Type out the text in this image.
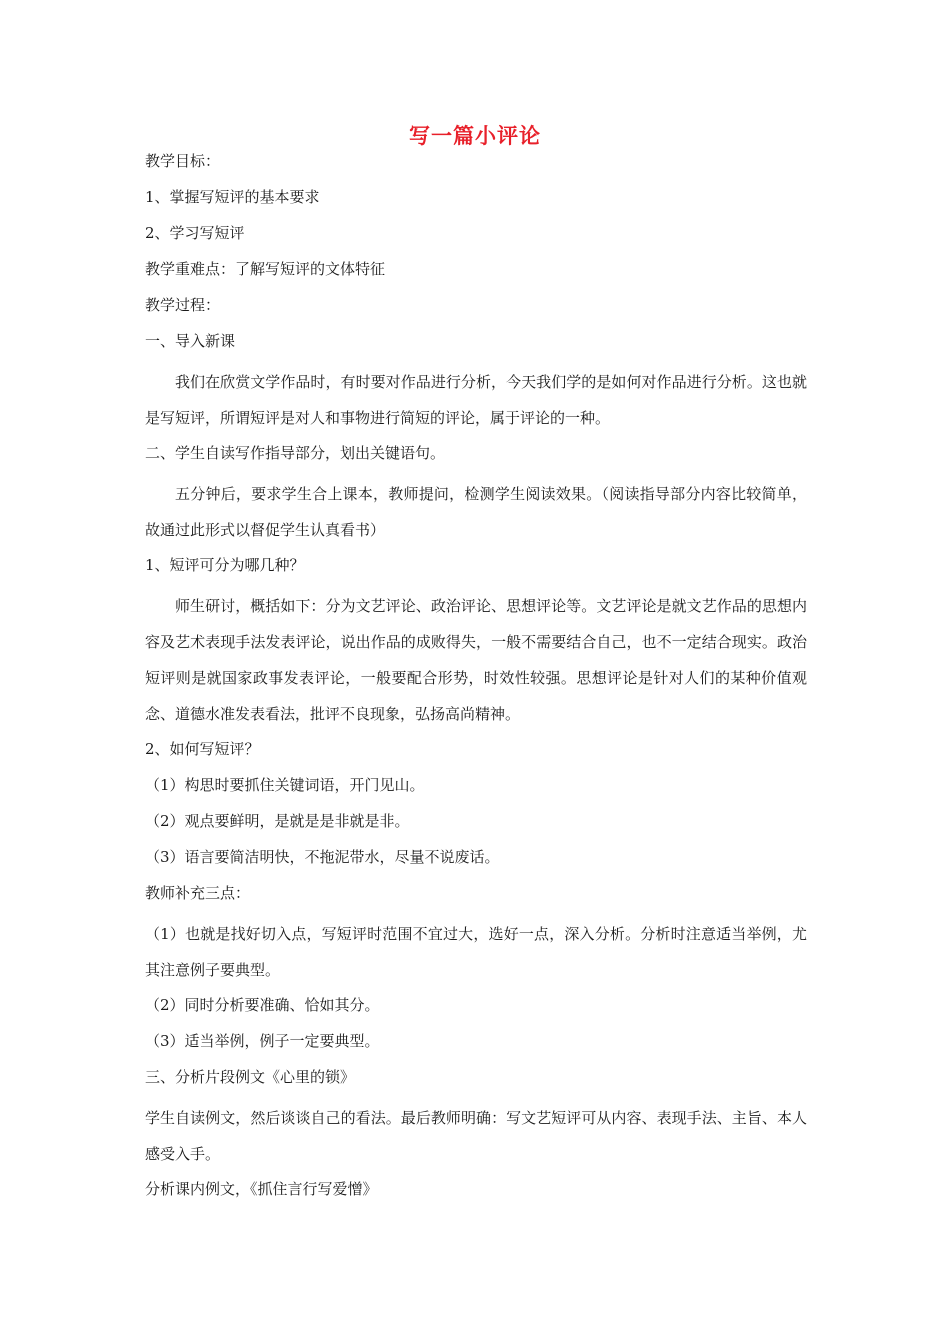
写一篇小评论
教学目标：
1、掌握写短评的基本要求
2、学习写短评
教学重难点：了解写短评的文体特征
教学过程：
一、导入新课
我们在欣赏文学作品时，有时要对作品进行分析，今天我们学的是如何对作品进行分析。这也就是写短评，所谓短评是对人和事物进行简短的评论，属于评论的一种。
二、学生自读写作指导部分，划出关键语句。
五分钟后，要求学生合上课本，教师提问，检测学生阅读效果。（阅读指导部分内容比较简单，故通过此形式以督促学生认真看书）
1、短评可分为哪几种？
师生研讨，概括如下：分为文艺评论、政治评论、思想评论等。文艺评论是就文艺作品的思想内容及艺术表现手法发表评论，说出作品的成败得失，一般不需要结合自己，也不一定结合现实。政治短评则是就国家政事发表评论，一般要配合形势，时效性较强。思想评论是针对人们的某种价值观念、道德水准发表看法，批评不良现象，弘扬高尚精神。
2、如何写短评？
（1）构思时要抓住关键词语，开门见山。
（2）观点要鲜明，是就是是非就是非。
（3）语言要简洁明快，不拖泥带水，尽量不说废话。
教师补充三点：
（1）也就是找好切入点，写短评时范围不宜过大，选好一点，深入分析。分析时注意适当举例，尤其注意例子要典型。
（2）同时分析要准确、恰如其分。
（3）适当举例，例子一定要典型。
三、分析片段例文《心里的锁》
学生自读例文，然后谈谈自己的看法。最后教师明确：写文艺短评可从内容、表现手法、主旨、本人感受入手。
分析课内例文，《抓住言行写爱憎》
